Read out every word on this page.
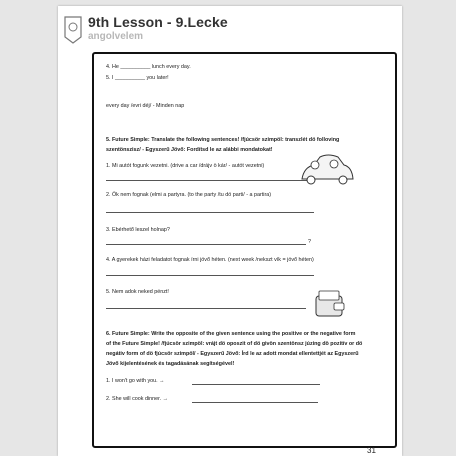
9th Lesson - 9.Lecke
angolvelem
4. He __________ lunch every day.
5. I __________ you later!
every day /evri déj/ - Minden nap
5. Future Simple: Translate the following sentences! /fjúcsör szimpöl: transzlét dö folloving
szentönszisz/ - Egyszerű Jövő: Fordítsd le az alábbi mondatokat!
1. Mi autót fogunk vezetni. (drive a car /drájv ö kár/ - autót vezetni)
2. Ők nem fognak (elmi a partyra. (to the party /tu dö parti/ - a partira)
3. Ebérhető leszel holnap?
?
4. A gyerekek házi feladatot fognak írni jövő héten. (next week /nekszt vík = jövő héten)
5. Nem adok neked pénzt!
6. Future Simple: Write the opposite of the given sentence using the positive or the negative form
of the Future Simple! /fjúcsör szimpöl: vrájt dö oposzit of dö givön szentönsz júzing dö pozitív or dö
negátiv form of dö fjúcsör szimpöl/ - Egyszerű Jövő: Írd le az adott mondat ellentettjét az Egyszerű
Jövő kijelentésének és tagadásának segítségével!
1. I won't go with you. →
2. She will cook dinner. →
31
